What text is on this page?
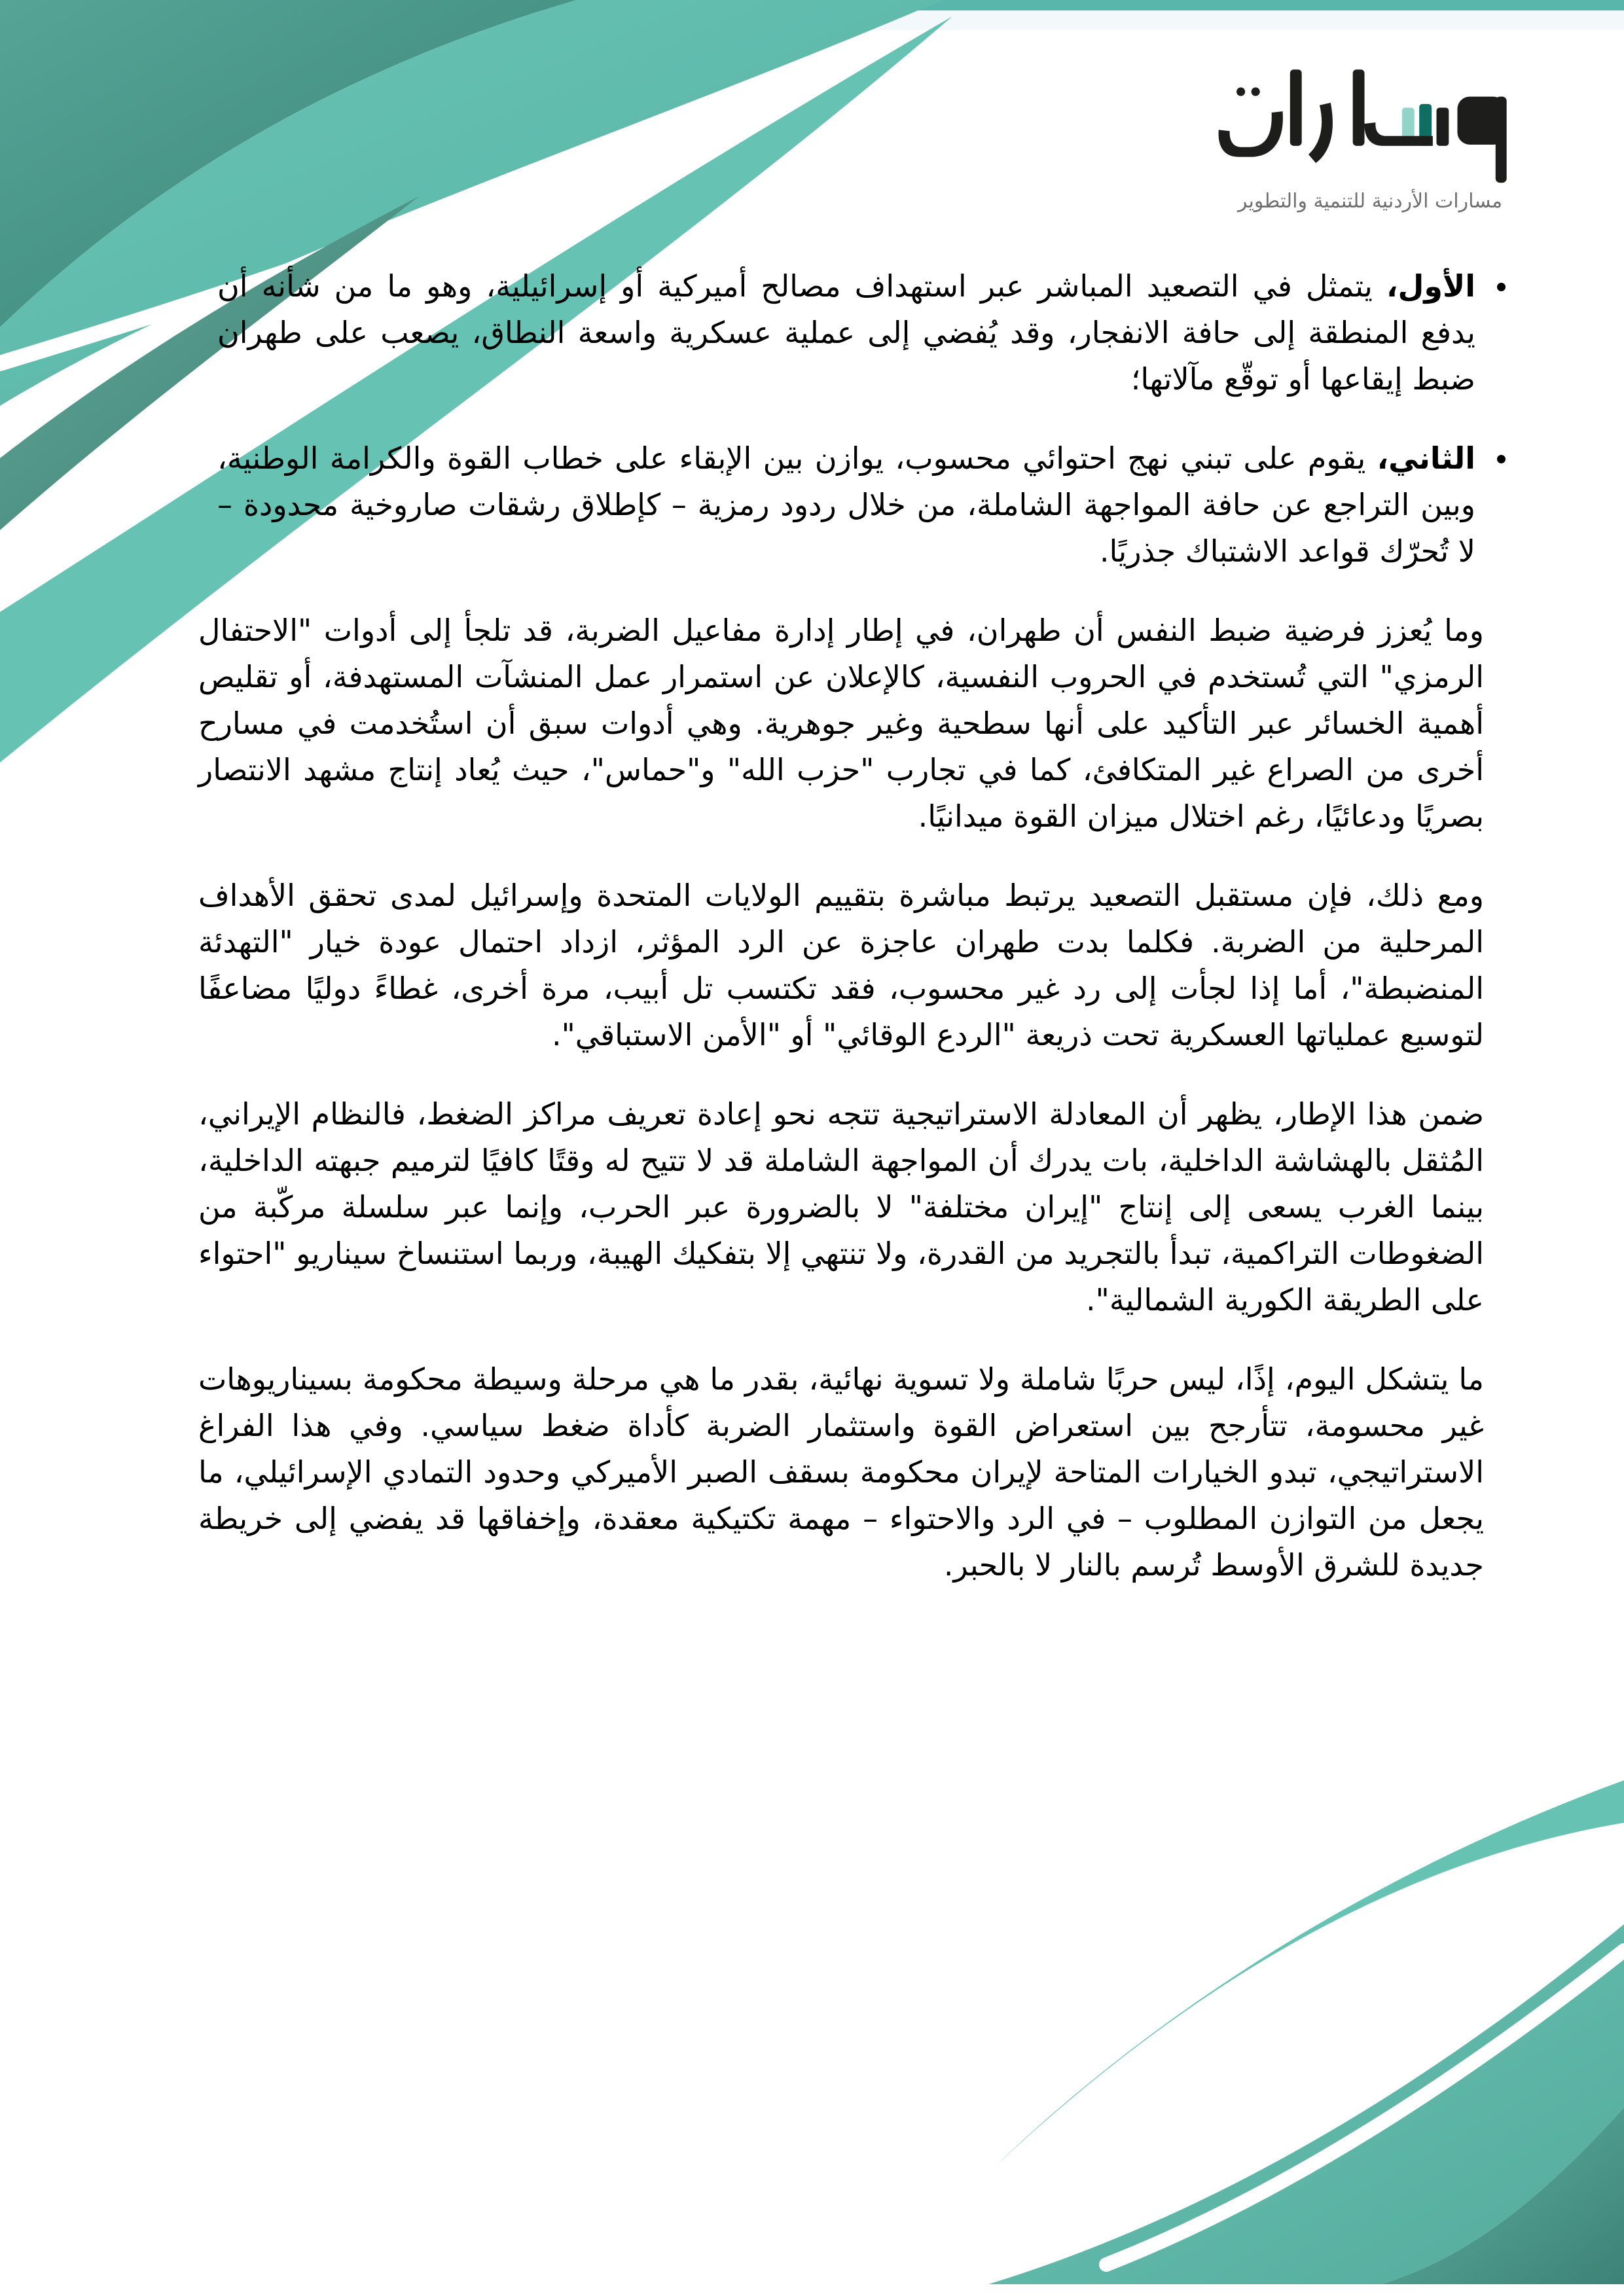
مسارات الأردنية للتنمية والتطوير

الأول، يتمثل في التصعيد المباشر عبر استهداف مصالح أميركية أو إسرائيلية، وهو ما من شأنه أن يدفع المنطقة إلى حافة الانفجار، وقد يُفضي إلى عملية عسكرية واسعة النطاق، يصعب على طهران ضبط إيقاعها أو توقّع مآلاتها؛

الثاني، يقوم على تبني نهج احتوائي محسوب، يوازن بين الإبقاء على خطاب القوة والكرامة الوطنية، وبين التراجع عن حافة المواجهة الشاملة، من خلال ردود رمزية – كإطلاق رشقات صاروخية محدودة – لا تُحرّك قواعد الاشتباك جذريًا.

وما يُعزز فرضية ضبط النفس أن طهران، في إطار إدارة مفاعيل الضربة، قد تلجأ إلى أدوات "الاحتفال الرمزي" التي تُستخدم في الحروب النفسية، كالإعلان عن استمرار عمل المنشآت المستهدفة، أو تقليص أهمية الخسائر عبر التأكيد على أنها سطحية وغير جوهرية. وهي أدوات سبق أن استُخدمت في مسارح أخرى من الصراع غير المتكافئ، كما في تجارب "حزب الله" و"حماس"، حيث يُعاد إنتاج مشهد الانتصار بصريًا ودعائيًا، رغم اختلال ميزان القوة ميدانيًا.

ومع ذلك، فإن مستقبل التصعيد يرتبط مباشرة بتقييم الولايات المتحدة وإسرائيل لمدى تحقق الأهداف المرحلية من الضربة. فكلما بدت طهران عاجزة عن الرد المؤثر، ازداد احتمال عودة خيار "التهدئة المنضبطة"، أما إذا لجأت إلى رد غير محسوب، فقد تكتسب تل أبيب، مرة أخرى، غطاءً دوليًا مضاعفًا لتوسيع عملياتها العسكرية تحت ذريعة "الردع الوقائي" أو "الأمن الاستباقي".

ضمن هذا الإطار، يظهر أن المعادلة الاستراتيجية تتجه نحو إعادة تعريف مراكز الضغط، فالنظام الإيراني، المُثقل بالهشاشة الداخلية، بات يدرك أن المواجهة الشاملة قد لا تتيح له وقتًا كافيًا لترميم جبهته الداخلية، بينما الغرب يسعى إلى إنتاج "إيران مختلفة" لا بالضرورة عبر الحرب، وإنما عبر سلسلة مركّبة من الضغوطات التراكمية، تبدأ بالتجريد من القدرة، ولا تنتهي إلا بتفكيك الهيبة، وربما استنساخ سيناريو "احتواء على الطريقة الكورية الشمالية".

ما يتشكل اليوم، إذًا، ليس حربًا شاملة ولا تسوية نهائية، بقدر ما هي مرحلة وسيطة محكومة بسيناريوهات غير محسومة، تتأرجح بين استعراض القوة واستثمار الضربة كأداة ضغط سياسي. وفي هذا الفراغ الاستراتيجي، تبدو الخيارات المتاحة لإيران محكومة بسقف الصبر الأميركي وحدود التمادي الإسرائيلي، ما يجعل من التوازن المطلوب – في الرد والاحتواء – مهمة تكتيكية معقدة، وإخفاقها قد يفضي إلى خريطة جديدة للشرق الأوسط تُرسم بالنار لا بالحبر.
